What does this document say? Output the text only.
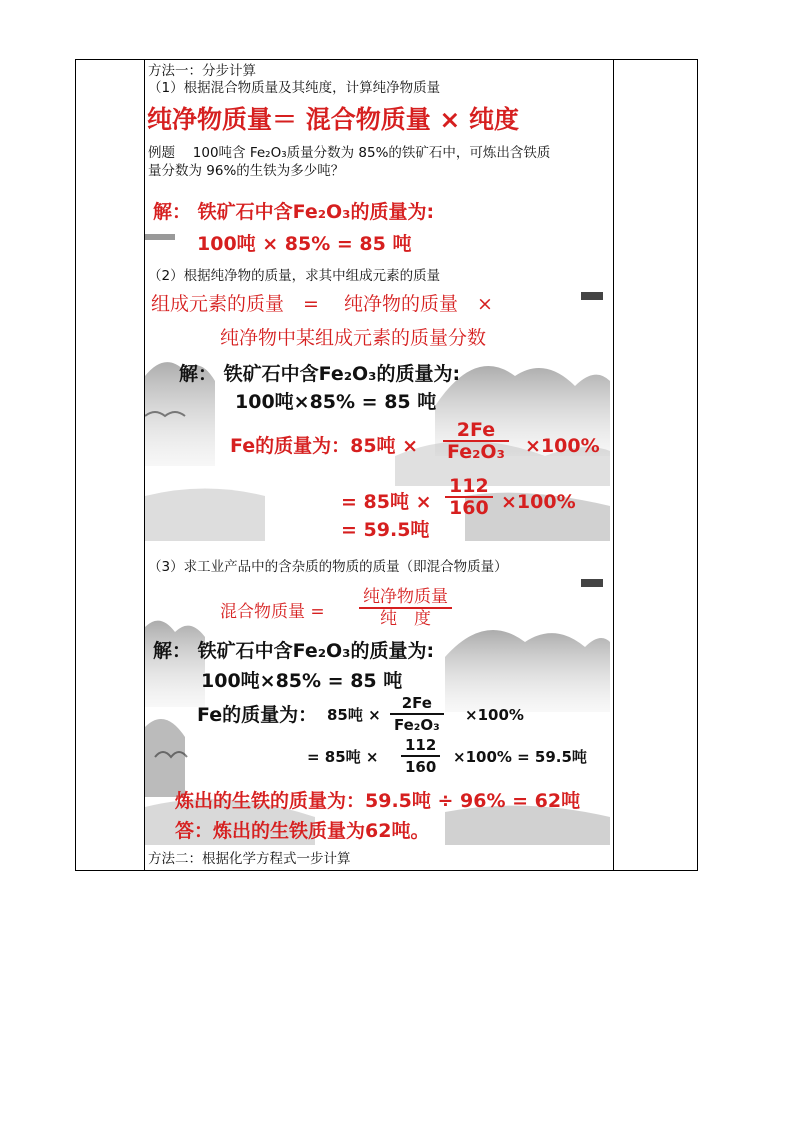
方法一：分步计算
（1）根据混合物质量及其纯度，计算纯净物质量
纯净物质量＝ 混合物质量 × 纯度
例题　 100吨含 Fe₂O₃质量分数为 85%的铁矿石中，可炼出含铁质
量分数为 96%的生铁为多少吨？
解： 铁矿石中含Fe₂O₃的质量为:
100吨 × 85% = 85 吨
（2）根据纯净物的质量，求其中组成元素的质量
组成元素的质量　=　 纯净物的质量　×
纯净物中某组成元素的质量分数
解： 铁矿石中含Fe₂O₃的质量为:
100吨×85% = 85 吨
Fe的质量为：85吨 ×
2Fe
Fe₂O₃ ×100%
= 85吨 ×
112
160 ×100%
= 59.5吨
（3）求工业产品中的含杂质的物质的质量（即混合物质量）
混合物质量 =
纯净物质量
纯　度
解： 铁矿石中含Fe₂O₃的质量为:
100吨×85% = 85 吨
Fe的质量为： 85吨 ×
2Fe
Fe₂O₃
×100%
= 85吨 ×
112
160
×100% = 59.5吨
炼出的生铁的质量为：59.5吨 ÷ 96% = 62吨
答：炼出的生铁质量为62吨。
方法二：根据化学方程式一步计算
